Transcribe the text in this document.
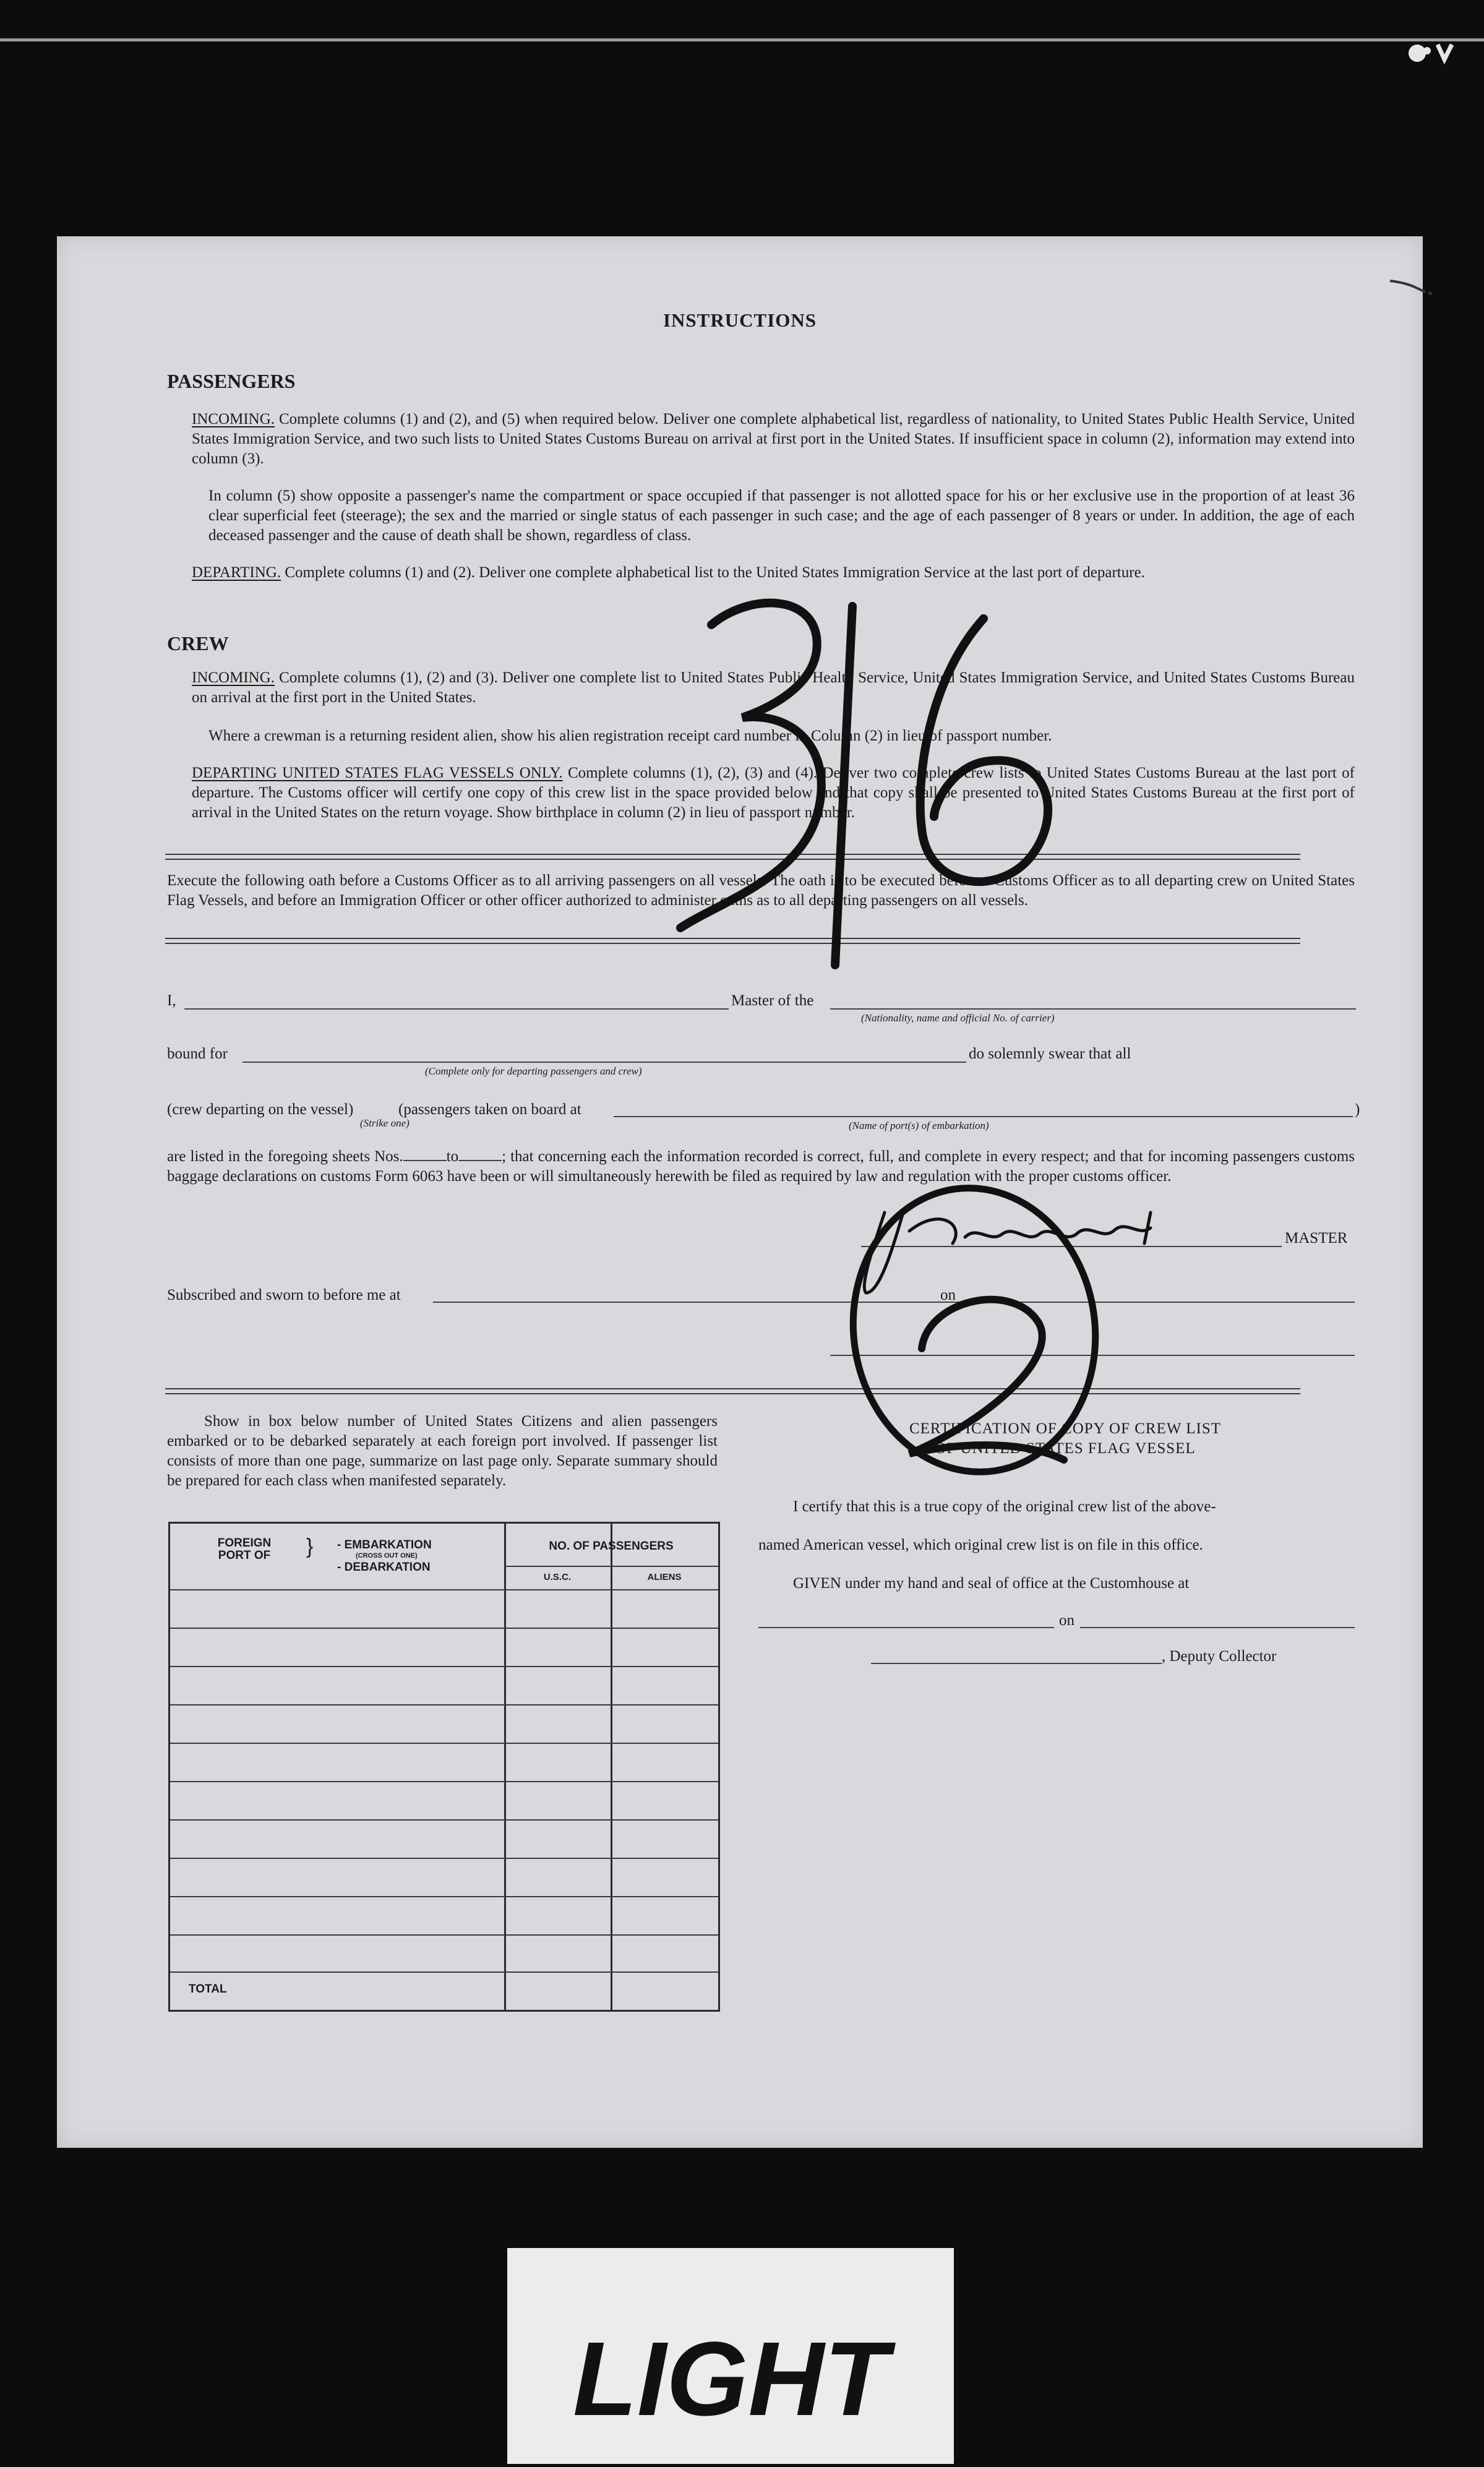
INSTRUCTIONS
PASSENGERS
INCOMING. Complete columns (1) and (2), and (5) when required below. Deliver one complete alphabetical list, regardless of nationality, to United States Public Health Service, United States Immigration Service, and two such lists to United States Customs Bureau on arrival at first port in the United States. If insufficient space in column (2), information may extend into column (3).
In column (5) show opposite a passenger's name the compartment or space occupied if that passenger is not allotted space for his or her exclusive use in the proportion of at least 36 clear superficial feet (steerage); the sex and the married or single status of each passenger in such case; and the age of each passenger of 8 years or under. In addition, the age of each deceased passenger and the cause of death shall be shown, regardless of class.
DEPARTING. Complete columns (1) and (2). Deliver one complete alphabetical list to the United States Immigration Service at the last port of departure.
CREW
INCOMING. Complete columns (1), (2) and (3). Deliver one complete list to United States Public Health Service, United States Immigration Service, and United States Customs Bureau on arrival at the first port in the United States.
Where a crewman is a returning resident alien, show his alien registration receipt card number in Column (2) in lieu of passport number.
DEPARTING UNITED STATES FLAG VESSELS ONLY. Complete columns (1), (2), (3) and (4). Deliver two complete crew lists to United States Customs Bureau at the last port of departure. The Customs officer will certify one copy of this crew list in the space provided below and that copy shall be presented to United States Customs Bureau at the first port of arrival in the United States on the return voyage. Show birthplace in column (2) in lieu of passport number.
Execute the following oath before a Customs Officer as to all arriving passengers on all vessels. The oath is to be executed before a Customs Officer as to all departing crew on United States Flag Vessels, and before an Immigration Officer or other officer authorized to administer oaths as to all departing passengers on all vessels.
I,	Master of the
(Nationality, name and official No. of carrier)
bound for
(Complete only for departing passengers and crew)
do solemnly swear that all
(crew departing on the vessel)
(Strike one)
(passengers taken on board at
(Name of port(s) of embarkation)
)
are listed in the foregoing sheets Nos.	to	; that concerning each the information recorded is correct, full, and complete in every respect; and that for incoming passengers customs baggage declarations on customs Form 6063 have been or will simultaneously herewith be filed as required by law and regulation with the proper customs officer.
MASTER
Subscribed and sworn to before me at	on
Show in box below number of United States Citizens and alien passengers embarked or to be debarked separately at each foreign port involved. If passenger list consists of more than one page, summarize on last page only. Separate summary should be prepared for each class when manifested separately.
FOREIGN PORT OF	} - EMBARKATION
(CROSS OUT ONE)
- DEBARKATION
NO. OF PASSENGERS
U.S.C.	ALIENS
TOTAL
CERTIFICATION OF COPY OF CREW LIST
OF UNITED STATES FLAG VESSEL
I certify that this is a true copy of the original crew list of the above-
named American vessel, which original crew list is on file in this office.
GIVEN under my hand and seal of office at the Customhouse at
on
, Deputy Collector
LIGHT
